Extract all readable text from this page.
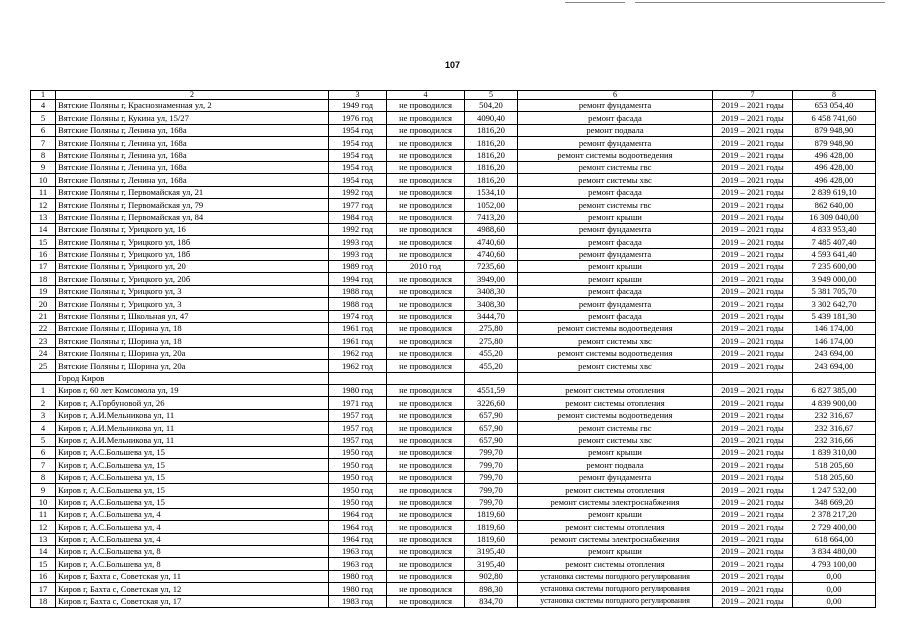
107
1	2	3	4	5	6	7	8
4	Вятские Поляны г, Краснознаменная ул, 2	1949 год	не проводился	504,20	ремонт фундамента	2019 – 2021 годы	653 054,40
5	Вятские Поляны г, Кукина ул, 15/27	1976 год	не проводился	4090,40	ремонт фасада	2019 – 2021 годы	6 458 741,60
6	Вятские Поляны г, Ленина ул, 168а	1954 год	не проводился	1816,20	ремонт подвала	2019 – 2021 годы	879 948,90
7	Вятские Поляны г, Ленина ул, 168а	1954 год	не проводился	1816,20	ремонт фундамента	2019 – 2021 годы	879 948,90
8	Вятские Поляны г, Ленина ул, 168а	1954 год	не проводился	1816,20	ремонт системы водоотведения	2019 – 2021 годы	496 428,00
9	Вятские Поляны г, Ленина ул, 168а	1954 год	не проводился	1816,20	ремонт системы гвс	2019 – 2021 годы	496 428,00
10	Вятские Поляны г, Ленина ул, 168а	1954 год	не проводился	1816,20	ремонт системы хвс	2019 – 2021 годы	496 428,00
11	Вятские Поляны г, Первомайская ул, 21	1992 год	не проводился	1534,10	ремонт фасада	2019 – 2021 годы	2 839 619,10
12	Вятские Поляны г, Первомайская ул, 79	1977 год	не проводился	1052,00	ремонт системы гвс	2019 – 2021 годы	862 640,00
13	Вятские Поляны г, Первомайская ул, 84	1984 год	не проводился	7413,20	ремонт крыши	2019 – 2021 годы	16 309 040,00
14	Вятские Поляны г, Урицкого ул, 16	1992 год	не проводился	4988,60	ремонт фундамента	2019 – 2021 годы	4 833 953,40
15	Вятские Поляны г, Урицкого ул, 18б	1993 год	не проводился	4740,60	ремонт фасада	2019 – 2021 годы	7 485 407,40
16	Вятские Поляны г, Урицкого ул, 18б	1993 год	не проводился	4740,60	ремонт фундамента	2019 – 2021 годы	4 593 641,40
17	Вятские Поляны г, Урицкого ул, 20	1989 год	2010 год	7235,60	ремонт крыши	2019 – 2021 годы	7 235 600,00
18	Вятские Поляны г, Урицкого ул, 20б	1994 год	не проводился	3949,00	ремонт крыши	2019 – 2021 годы	3 949 000,00
19	Вятские Поляны г, Урицкого ул, 3	1988 год	не проводился	3408,30	ремонт фасада	2019 – 2021 годы	5 381 705,70
20	Вятские Поляны г, Урицкого ул, 3	1988 год	не проводился	3408,30	ремонт фундамента	2019 – 2021 годы	3 302 642,70
21	Вятские Поляны г, Школьная ул, 47	1974 год	не проводился	3444,70	ремонт фасада	2019 – 2021 годы	5 439 181,30
22	Вятские Поляны г, Шорина ул, 18	1961 год	не проводился	275,80	ремонт системы водоотведения	2019 – 2021 годы	146 174,00
23	Вятские Поляны г, Шорина ул, 18	1961 год	не проводился	275,80	ремонт системы хвс	2019 – 2021 годы	146 174,00
24	Вятские Поляны г, Шорина ул, 20а	1962 год	не проводился	455,20	ремонт системы водоотведения	2019 – 2021 годы	243 694,00
25	Вятские Поляны г, Шорина ул, 20а	1962 год	не проводился	455,20	ремонт системы хвс	2019 – 2021 годы	243 694,00
	Город Киров						
1	Киров г, 60 лет Комсомола ул, 19	1980 год	не проводился	4551,59	ремонт системы отопления	2019 – 2021 годы	6 827 385,00
2	Киров г, А.Горбуновой ул, 26	1971 год	не проводился	3226,60	ремонт системы отопления	2019 – 2021 годы	4 839 900,00
3	Киров г, А.И.Мельникова ул, 11	1957 год	не проводился	657,90	ремонт системы водоотведения	2019 – 2021 годы	232 316,67
4	Киров г, А.И.Мельникова ул, 11	1957 год	не проводился	657,90	ремонт системы гвс	2019 – 2021 годы	232 316,67
5	Киров г, А.И.Мельникова ул, 11	1957 год	не проводился	657,90	ремонт системы хвс	2019 – 2021 годы	232 316,66
6	Киров г, А.С.Большева ул, 15	1950 год	не проводился	799,70	ремонт крыши	2019 – 2021 годы	1 839 310,00
7	Киров г, А.С.Большева ул, 15	1950 год	не проводился	799,70	ремонт подвала	2019 – 2021 годы	518 205,60
8	Киров г, А.С.Большева ул, 15	1950 год	не проводился	799,70	ремонт фундамента	2019 – 2021 годы	518 205,60
9	Киров г, А.С.Большева ул, 15	1950 год	не проводился	799,70	ремонт системы отопления	2019 – 2021 годы	1 247 532,00
10	Киров г, А.С.Большева ул, 15	1950 год	не проводился	799,70	ремонт системы электроснабжения	2019 – 2021 годы	348 669,20
11	Киров г, А.С.Большева ул, 4	1964 год	не проводился	1819,60	ремонт крыши	2019 – 2021 годы	2 378 217,20
12	Киров г, А.С.Большева ул, 4	1964 год	не проводился	1819,60	ремонт системы отопления	2019 – 2021 годы	2 729 400,00
13	Киров г, А.С.Большева ул, 4	1964 год	не проводился	1819,60	ремонт системы электроснабжения	2019 – 2021 годы	618 664,00
14	Киров г, А.С.Большева ул, 8	1963 год	не проводился	3195,40	ремонт крыши	2019 – 2021 годы	3 834 480,00
15	Киров г, А.С.Большева ул, 8	1963 год	не проводился	3195,40	ремонт системы отопления	2019 – 2021 годы	4 793 100,00
16	Киров г, Бахта с, Советская ул, 11	1980 год	не проводился	902,80	установка системы погодного регулирования	2019 – 2021 годы	0,00
17	Киров г, Бахта с, Советская ул, 12	1980 год	не проводился	898,30	установка системы погодного регулирования	2019 – 2021 годы	0,00
18	Киров г, Бахта с, Советская ул, 17	1983 год	не проводился	834,70	установка системы погодного регулирования	2019 – 2021 годы	0,00
